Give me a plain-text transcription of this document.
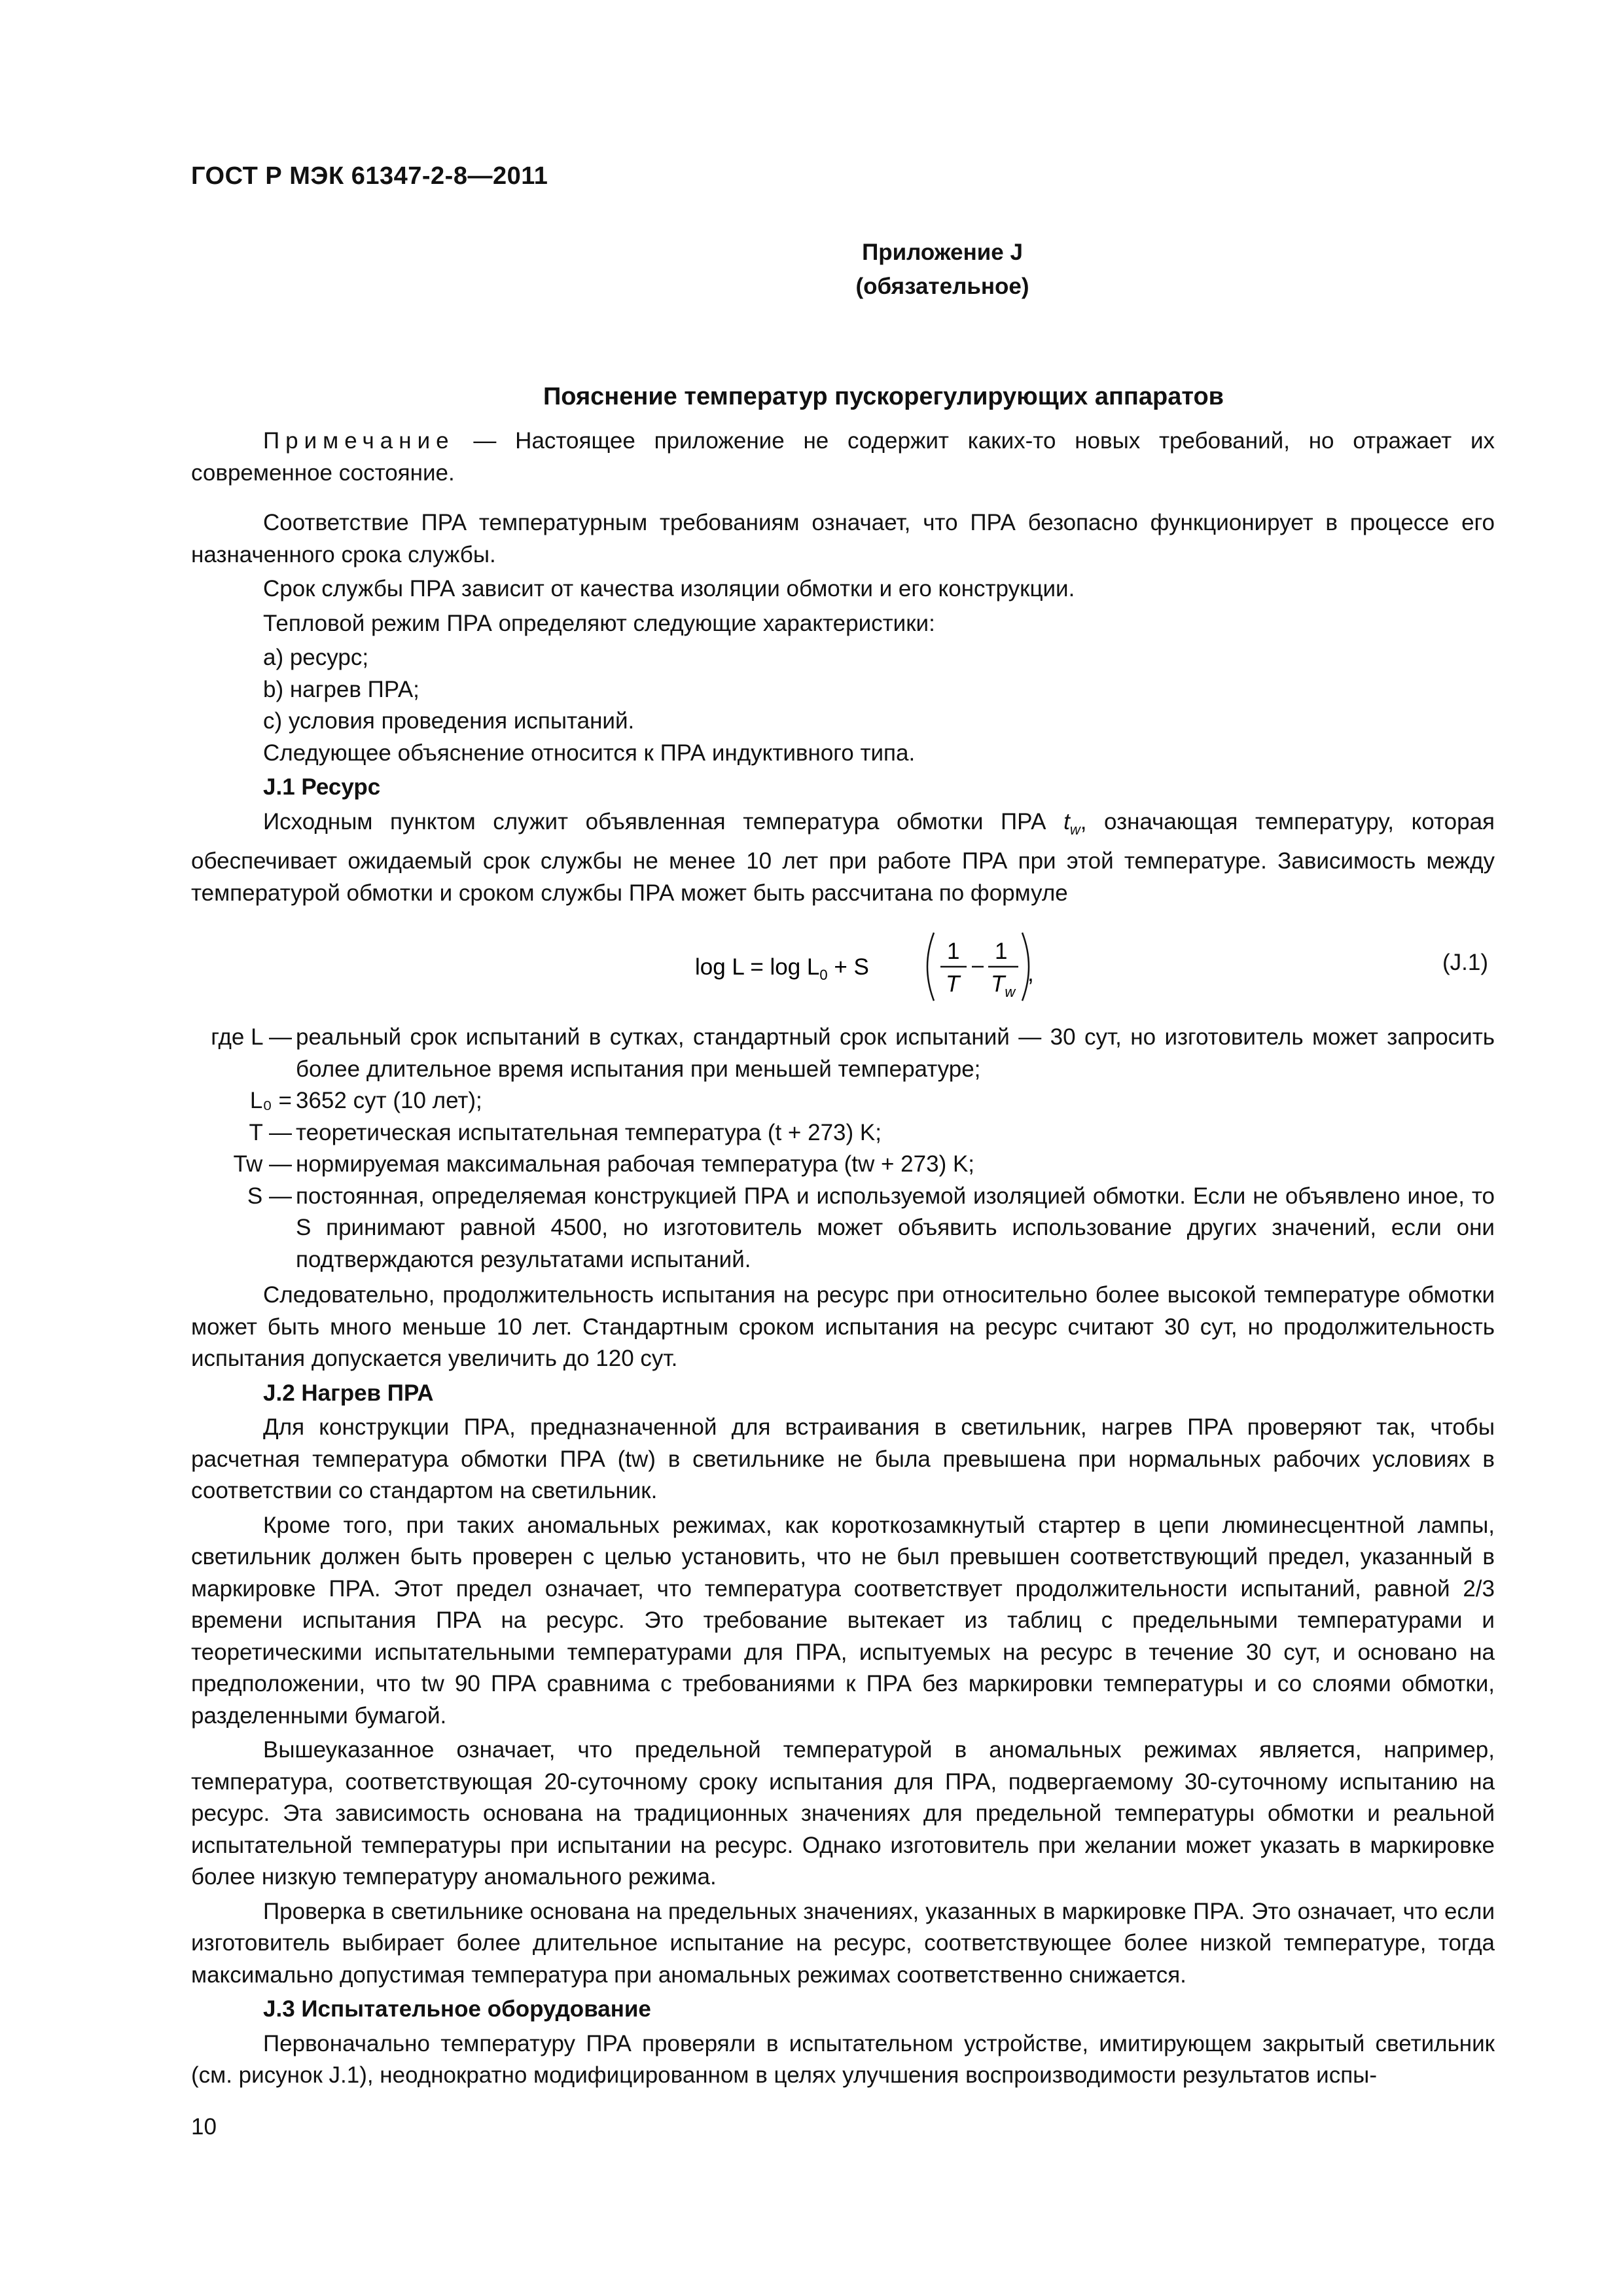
ГОСТ Р МЭК 61347-2-8—2011
Приложение J
(обязательное)
Пояснение температур пускорегулирующих аппаратов

Примечание — Настоящее приложение не содержит каких-то новых требований, но отражает их современное состояние.

Соответствие ПРА температурным требованиям означает, что ПРА безопасно функционирует в процессе его назначенного срока службы.

Срок службы ПРА зависит от качества изоляции обмотки и его конструкции.

Тепловой режим ПРА определяют следующие характеристики:

a) ресурс;

b) нагрев ПРА;

c) условия проведения испытаний.

Следующее объяснение относится к ПРА индуктивного типа.

J.1 Ресурс

Исходным пунктом служит объявленная температура обмотки ПРА $t_w$, означающая температуру, которая обеспечивает ожидаемый срок службы не менее 10 лет при работе ПРА при этой температуре. Зависимость между температурой обмотки и сроком службы ПРА может быть рассчитана по формуле

$\log L = \log L_0 + S$
1
T
1
$T_w$
,	(J.1)
где L — реальный срок испытаний в сутках, стандартный срок испытаний — 30 сут, но изготовитель может запросить более длительное время испытания при меньшей температуре;
L₀ = 3652 сут (10 лет);
T — теоретическая испытательная температура (t + 273) K;
Tw — нормируемая максимальная рабочая температура (tw + 273) K;
S — постоянная, определяемая конструкцией ПРА и используемой изоляцией обмотки. Если не объявлено иное, то S принимают равной 4500, но изготовитель может объявить использование других значений, если они подтверждаются результатами испытаний.

Следовательно, продолжительность испытания на ресурс при относительно более высокой температуре обмотки может быть много меньше 10 лет. Стандартным сроком испытания на ресурс считают 30 сут, но продолжительность испытания допускается увеличить до 120 сут.

J.2 Нагрев ПРА

Для конструкции ПРА, предназначенной для встраивания в светильник, нагрев ПРА проверяют так, чтобы расчетная температура обмотки ПРА (tw) в светильнике не была превышена при нормальных рабочих условиях в соответствии со стандартом на светильник.

Кроме того, при таких аномальных режимах, как короткозамкнутый стартер в цепи люминесцентной лампы, светильник должен быть проверен с целью установить, что не был превышен соответствующий предел, указанный в маркировке ПРА. Этот предел означает, что температура соответствует продолжительности испытаний, равной 2/3 времени испытания ПРА на ресурс. Это требование вытекает из таблиц с предельными температурами и теоретическими испытательными температурами для ПРА, испытуемых на ресурс в течение 30 сут, и основано на предположении, что tw 90 ПРА сравнима с требованиями к ПРА без маркировки температуры и со слоями обмотки, разделенными бумагой.

Вышеуказанное означает, что предельной температурой в аномальных режимах является, например, температура, соответствующая 20-суточному сроку испытания для ПРА, подвергаемому 30-суточному испытанию на ресурс. Эта зависимость основана на традиционных значениях для предельной температуры обмотки и реальной испытательной температуры при испытании на ресурс. Однако изготовитель при желании может указать в маркировке более низкую температуру аномального режима.

Проверка в светильнике основана на предельных значениях, указанных в маркировке ПРА. Это означает, что если изготовитель выбирает более длительное испытание на ресурс, соответствующее более низкой температуре, тогда максимально допустимая температура при аномальных режимах соответственно снижается.

J.3 Испытательное оборудование

Первоначально температуру ПРА проверяли в испытательном устройстве, имитирующем закрытый светильник (см. рисунок J.1), неоднократно модифицированном в целях улучшения воспроизводимости результатов испы-

10
